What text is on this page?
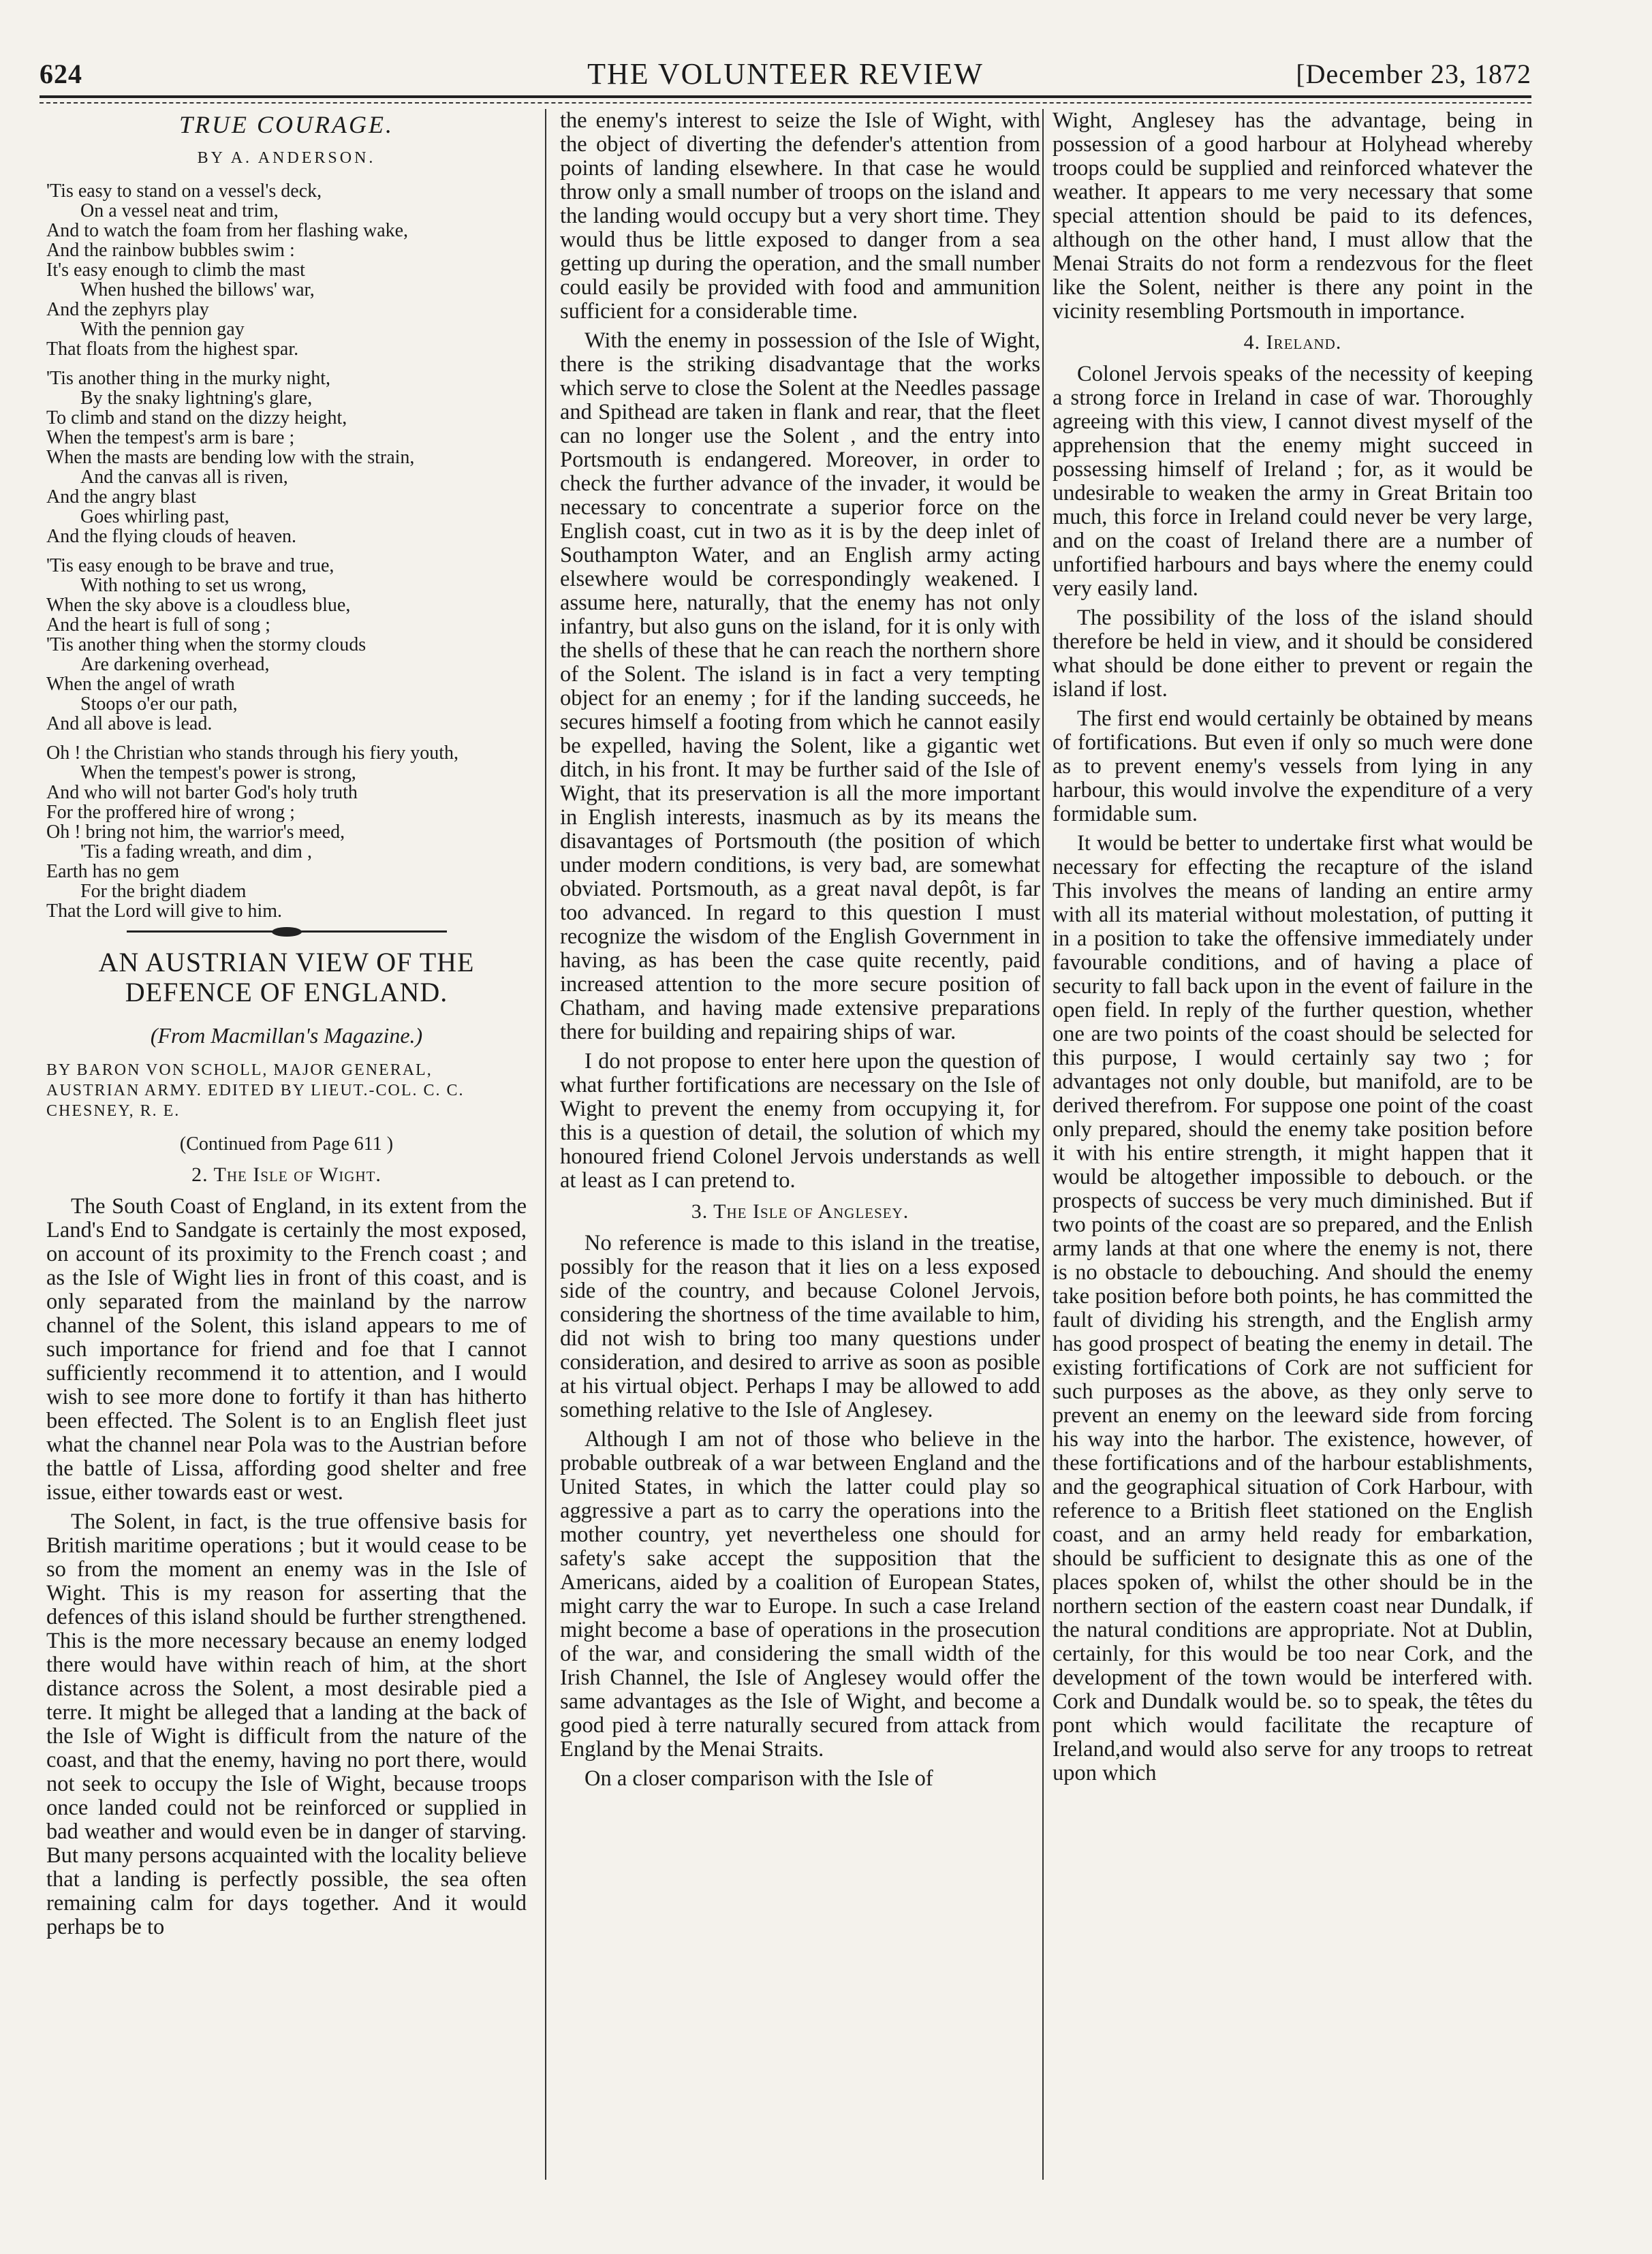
624	THE VOLUNTEER REVIEW	[December 23, 1872
TRUE COURAGE.
BY A. ANDERSON.
'Tis easy to stand on a vessel's deck,
On a vessel neat and trim,
And to watch the foam from her flashing wake,
And the rainbow bubbles swim :
It's easy enough to climb the mast
When hushed the billows' war,
And the zephyrs play
With the pennion gay
That floats from the highest spar.
'Tis another thing in the murky night,
By the snaky lightning's glare,
To climb and stand on the dizzy height,
When the tempest's arm is bare ;
When the masts are bending low with the strain,
And the canvas all is riven,
And the angry blast
Goes whirling past,
And the flying clouds of heaven.
'Tis easy enough to be brave and true,
With nothing to set us wrong,
When the sky above is a cloudless blue,
And the heart is full of song ;
'Tis another thing when the stormy clouds
Are darkening overhead,
When the angel of wrath
Stoops o'er our path,
And all above is lead.
Oh ! the Christian who stands through his fiery youth,
When the tempest's power is strong,
And who will not barter God's holy truth
For the proffered hire of wrong ;
Oh ! bring not him, the warrior's meed,
'Tis a fading wreath, and dim ,
Earth has no gem
For the bright diadem
That the Lord will give to him.
AN AUSTRIAN VIEW OF THE DEFENCE OF ENGLAND.
(From Macmillan's Magazine.)
BY BARON VON SCHOLL, MAJOR GENERAL, AUSTRIAN ARMY. EDITED BY LIEUT.-COL. C. C. CHESNEY, R. E.
(Continued from Page 611 )
2. The Isle of Wight.

The South Coast of England, in its extent from the Land's End to Sandgate is certainly the most exposed, on account of its proximity to the French coast ; and as the Isle of Wight lies in front of this coast, and is only separated from the mainland by the narrow channel of the Solent, this island appears to me of such importance for friend and foe that I cannot sufficiently recommend it to attention, and I would wish to see more done to fortify it than has hitherto been effected. The Solent is to an English fleet just what the channel near Pola was to the Austrian before the battle of Lissa, affording good shelter and free issue, either towards east or west.

The Solent, in fact, is the true offensive basis for British maritime operations ; but it would cease to be so from the moment an enemy was in the Isle of Wight. This is my reason for asserting that the defences of this island should be further strengthened. This is the more necessary because an enemy lodged there would have within reach of him, at the short distance across the Solent, a most desirable pied a terre. It might be alleged that a landing at the back of the Isle of Wight is difficult from the nature of the coast, and that the enemy, having no port there, would not seek to occupy the Isle of Wight, because troops once landed could not be reinforced or supplied in bad weather and would even be in danger of starving. But many persons acquainted with the locality believe that a landing is perfectly possible, the sea often remaining calm for days together. And it would perhaps be to

the enemy's interest to seize the Isle of Wight, with the object of diverting the defender's attention from points of landing elsewhere. In that case he would throw only a small number of troops on the island and the landing would occupy but a very short time. They would thus be little exposed to danger from a sea getting up during the operation, and the small number could easily be provided with food and ammunition sufficient for a considerable time.

With the enemy in possession of the Isle of Wight, there is the striking disadvantage that the works which serve to close the Solent at the Needles passage and Spithead are taken in flank and rear, that the fleet can no longer use the Solent , and the entry into Portsmouth is endangered. Moreover, in order to check the further advance of the invader, it would be necessary to concentrate a superior force on the English coast, cut in two as it is by the deep inlet of Southampton Water, and an English army acting elsewhere would be correspondingly weakened. I assume here, naturally, that the enemy has not only infantry, but also guns on the island, for it is only with the shells of these that he can reach the northern shore of the Solent. The island is in fact a very tempting object for an enemy ; for if the landing succeeds, he secures himself a footing from which he cannot easily be expelled, having the Solent, like a gigantic wet ditch, in his front. It may be further said of the Isle of Wight, that its preservation is all the more important in English interests, inasmuch as by its means the disavantages of Portsmouth (the position of which under modern conditions, is very bad, are somewhat obviated. Portsmouth, as a great naval depôt, is far too advanced. In regard to this question I must recognize the wisdom of the English Government in having, as has been the case quite recently, paid increased attention to the more secure position of Chatham, and having made extensive preparations there for building and repairing ships of war.

I do not propose to enter here upon the question of what further fortifications are necessary on the Isle of Wight to prevent the enemy from occupying it, for this is a question of detail, the solution of which my honoured friend Colonel Jervois understands as well at least as I can pretend to.

3. The Isle of Anglesey.

No reference is made to this island in the treatise, possibly for the reason that it lies on a less exposed side of the country, and because Colonel Jervois, considering the shortness of the time available to him, did not wish to bring too many questions under consideration, and desired to arrive as soon as posible at his virtual object. Perhaps I may be allowed to add something relative to the Isle of Anglesey.

Although I am not of those who believe in the probable outbreak of a war between England and the United States, in which the latter could play so aggressive a part as to carry the operations into the mother country, yet nevertheless one should for safety's sake accept the supposition that the Americans, aided by a coalition of European States, might carry the war to Europe. In such a case Ireland might become a base of operations in the prosecution of the war, and considering the small width of the Irish Channel, the Isle of Anglesey would offer the same advantages as the Isle of Wight, and become a good pied à terre naturally secured from attack from England by the Menai Straits.

On a closer comparison with the Isle of

Wight, Anglesey has the advantage, being in possession of a good harbour at Holyhead whereby troops could be supplied and reinforced whatever the weather. It appears to me very necessary that some special attention should be paid to its defences, although on the other hand, I must allow that the Menai Straits do not form a rendezvous for the fleet like the Solent, neither is there any point in the vicinity resembling Portsmouth in importance.

4. Ireland.

Colonel Jervois speaks of the necessity of keeping a strong force in Ireland in case of war. Thoroughly agreeing with this view, I cannot divest myself of the apprehension that the enemy might succeed in possessing himself of Ireland ; for, as it would be undesirable to weaken the army in Great Britain too much, this force in Ireland could never be very large, and on the coast of Ireland there are a number of unfortified harbours and bays where the enemy could very easily land.

The possibility of the loss of the island should therefore be held in view, and it should be considered what should be done either to prevent or regain the island if lost.

The first end would certainly be obtained by means of fortifications. But even if only so much were done as to prevent enemy's vessels from lying in any harbour, this would involve the expenditure of a very formidable sum.

It would be better to undertake first what would be necessary for effecting the recapture of the island This involves the means of landing an entire army with all its material without molestation, of putting it in a position to take the offensive immediately under favourable conditions, and of having a place of security to fall back upon in the event of failure in the open field. In reply of the further question, whether one are two points of the coast should be selected for this purpose, I would certainly say two ; for advantages not only double, but manifold, are to be derived therefrom. For suppose one point of the coast only prepared, should the enemy take position before it with his entire strength, it might happen that it would be altogether impossible to debouch. or the prospects of success be very much diminished. But if two points of the coast are so prepared, and the Enlish army lands at that one where the enemy is not, there is no obstacle to debouching. And should the enemy take position before both points, he has committed the fault of dividing his strength, and the English army has good prospect of beating the enemy in detail. The existing fortifications of Cork are not sufficient for such purposes as the above, as they only serve to prevent an enemy on the leeward side from forcing his way into the harbor. The existence, however, of these fortifications and of the harbour establishments, and the geographical situation of Cork Harbour, with reference to a British fleet stationed on the English coast, and an army held ready for embarkation, should be sufficient to designate this as one of the places spoken of, whilst the other should be in the northern section of the eastern coast near Dundalk, if the natural conditions are appropriate. Not at Dublin, certainly, for this would be too near Cork, and the development of the town would be interfered with. Cork and Dundalk would be. so to speak, the têtes du pont which would facilitate the recapture of Ireland,and would also serve for any troops to retreat upon which
